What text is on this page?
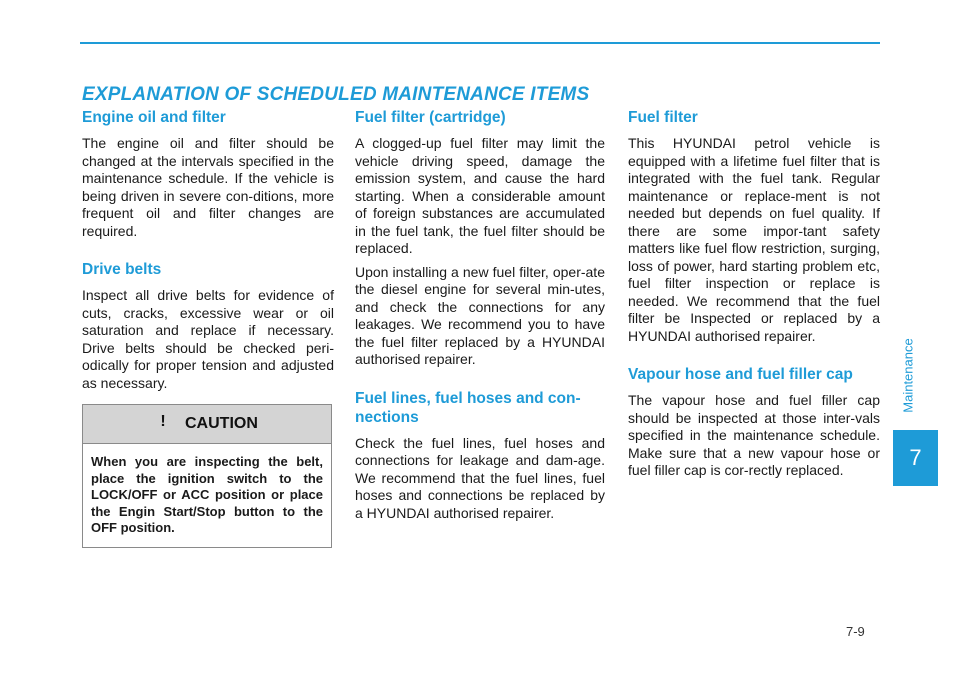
EXPLANATION OF SCHEDULED MAINTENANCE ITEMS
Engine oil and filter

The engine oil and filter should be changed at the intervals specified in the maintenance schedule. If the vehicle is being driven in severe con-ditions, more frequent oil and filter changes are required.

Drive belts

Inspect all drive belts for evidence of cuts, cracks, excessive wear or oil saturation and replace if necessary. Drive belts should be checked peri-odically for proper tension and adjusted as necessary.

!	CAUTION
When you are inspecting the belt, place the ignition switch to the LOCK/OFF or ACC position or place the Engin Start/Stop button to the OFF position.
Fuel filter (cartridge)

A clogged-up fuel filter may limit the vehicle driving speed, damage the emission system, and cause the hard starting. When a considerable amount of foreign substances are accumulated in the fuel tank, the fuel filter should be replaced.

Upon installing a new fuel filter, oper-ate the diesel engine for several min-utes, and check the connections for any leakages. We recommend you to have the fuel filter replaced by a HYUNDAI authorised repairer.

Fuel lines, fuel hoses and con-nections

Check the fuel lines, fuel hoses and connections for leakage and dam-age. We recommend that the fuel lines, fuel hoses and connections be replaced by a HYUNDAI authorised repairer.

Fuel filter

This HYUNDAI petrol vehicle is equipped with a lifetime fuel filter that is integrated with the fuel tank. Regular maintenance or replace-ment is not needed but depends on fuel quality. If there are some impor-tant safety matters like fuel flow restriction, surging, loss of power, hard starting problem etc, fuel filter inspection or replace is needed. We recommend that the fuel filter be Inspected or replaced by a HYUNDAI authorised repairer.

Vapour hose and fuel filler cap

The vapour hose and fuel filler cap should be inspected at those inter-vals specified in the maintenance schedule. Make sure that a new vapour hose or fuel filler cap is cor-rectly replaced.

Maintenance
7
7-9
